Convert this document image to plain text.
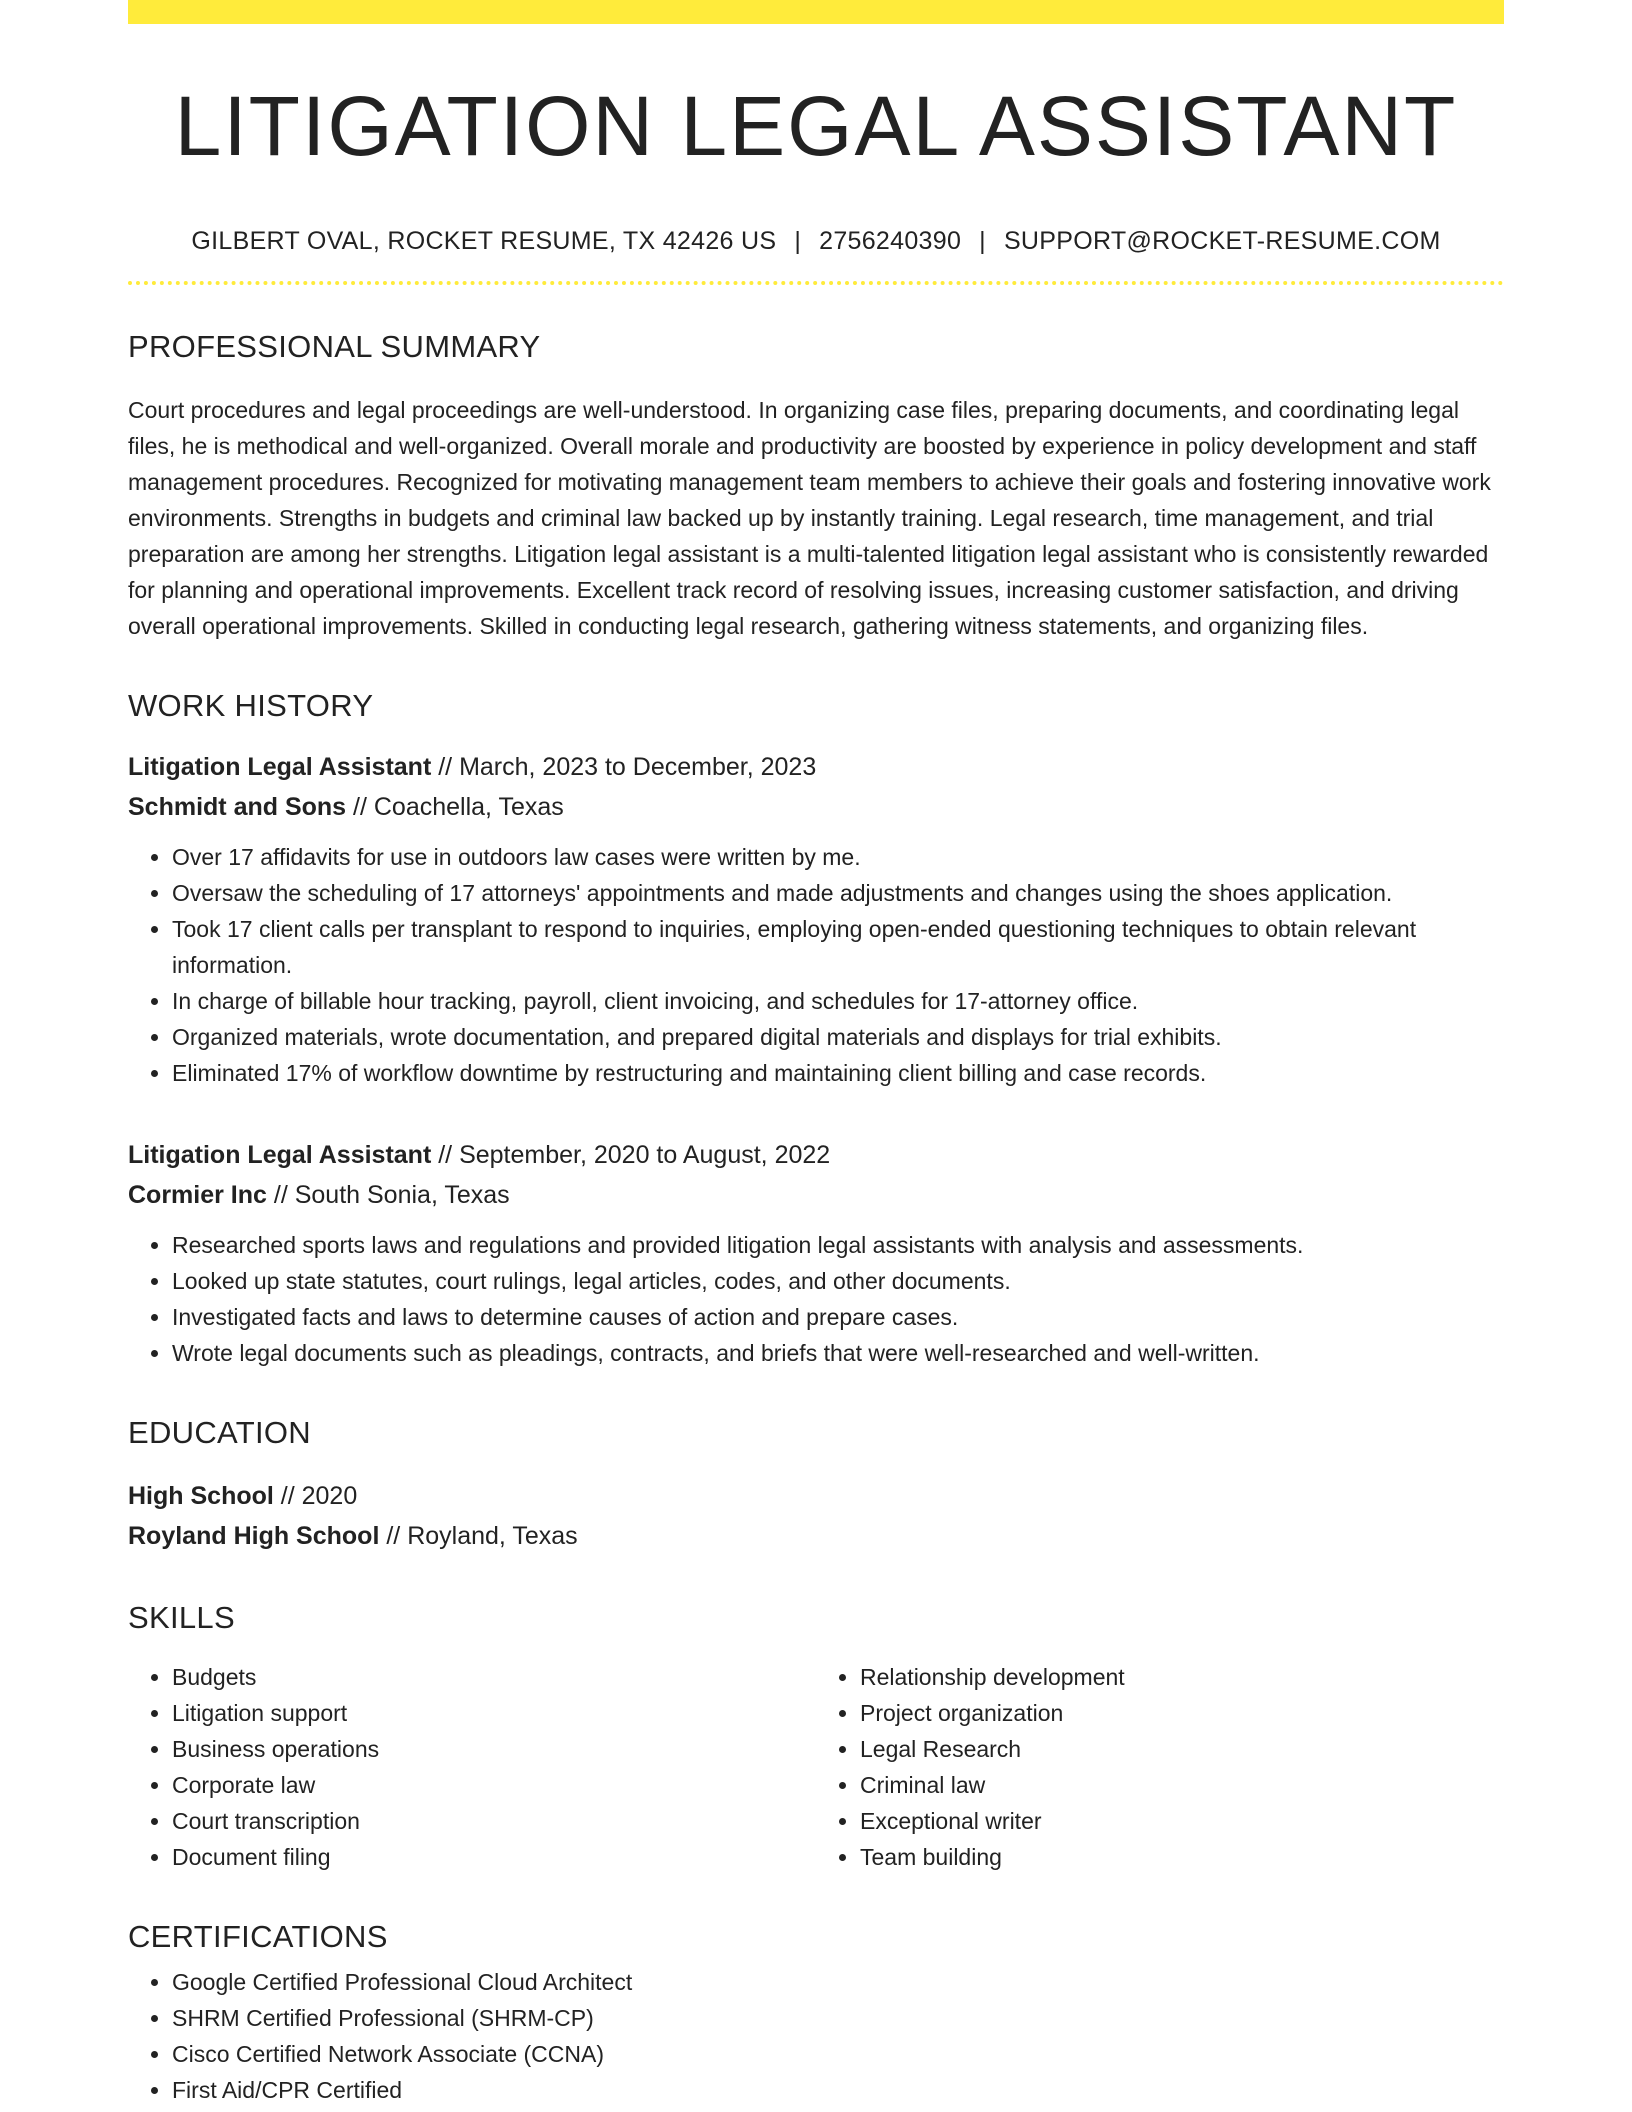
LITIGATION LEGAL ASSISTANT
GILBERT OVAL, ROCKET RESUME, TX 42426 US | 2756240390 | SUPPORT@ROCKET-RESUME.COM
PROFESSIONAL SUMMARY
Court procedures and legal proceedings are well-understood. In organizing case files, preparing documents, and coordinating legal files, he is methodical and well-organized. Overall morale and productivity are boosted by experience in policy development and staff management procedures. Recognized for motivating management team members to achieve their goals and fostering innovative work environments. Strengths in budgets and criminal law backed up by instantly training. Legal research, time management, and trial preparation are among her strengths. Litigation legal assistant is a multi-talented litigation legal assistant who is consistently rewarded for planning and operational improvements. Excellent track record of resolving issues, increasing customer satisfaction, and driving overall operational improvements. Skilled in conducting legal research, gathering witness statements, and organizing files.
WORK HISTORY
Litigation Legal Assistant // March, 2023 to December, 2023
Schmidt and Sons // Coachella, Texas
• Over 17 affidavits for use in outdoors law cases were written by me.
• Oversaw the scheduling of 17 attorneys' appointments and made adjustments and changes using the shoes application.
• Took 17 client calls per transplant to respond to inquiries, employing open-ended questioning techniques to obtain relevant information.
• In charge of billable hour tracking, payroll, client invoicing, and schedules for 17-attorney office.
• Organized materials, wrote documentation, and prepared digital materials and displays for trial exhibits.
• Eliminated 17% of workflow downtime by restructuring and maintaining client billing and case records.
Litigation Legal Assistant // September, 2020 to August, 2022
Cormier Inc // South Sonia, Texas
• Researched sports laws and regulations and provided litigation legal assistants with analysis and assessments.
• Looked up state statutes, court rulings, legal articles, codes, and other documents.
• Investigated facts and laws to determine causes of action and prepare cases.
• Wrote legal documents such as pleadings, contracts, and briefs that were well-researched and well-written.
EDUCATION
High School // 2020
Royland High School // Royland, Texas
SKILLS
• Budgets
• Litigation support
• Business operations
• Corporate law
• Court transcription
• Document filing
• Relationship development
• Project organization
• Legal Research
• Criminal law
• Exceptional writer
• Team building
CERTIFICATIONS
• Google Certified Professional Cloud Architect
• SHRM Certified Professional (SHRM-CP)
• Cisco Certified Network Associate (CCNA)
• First Aid/CPR Certified
